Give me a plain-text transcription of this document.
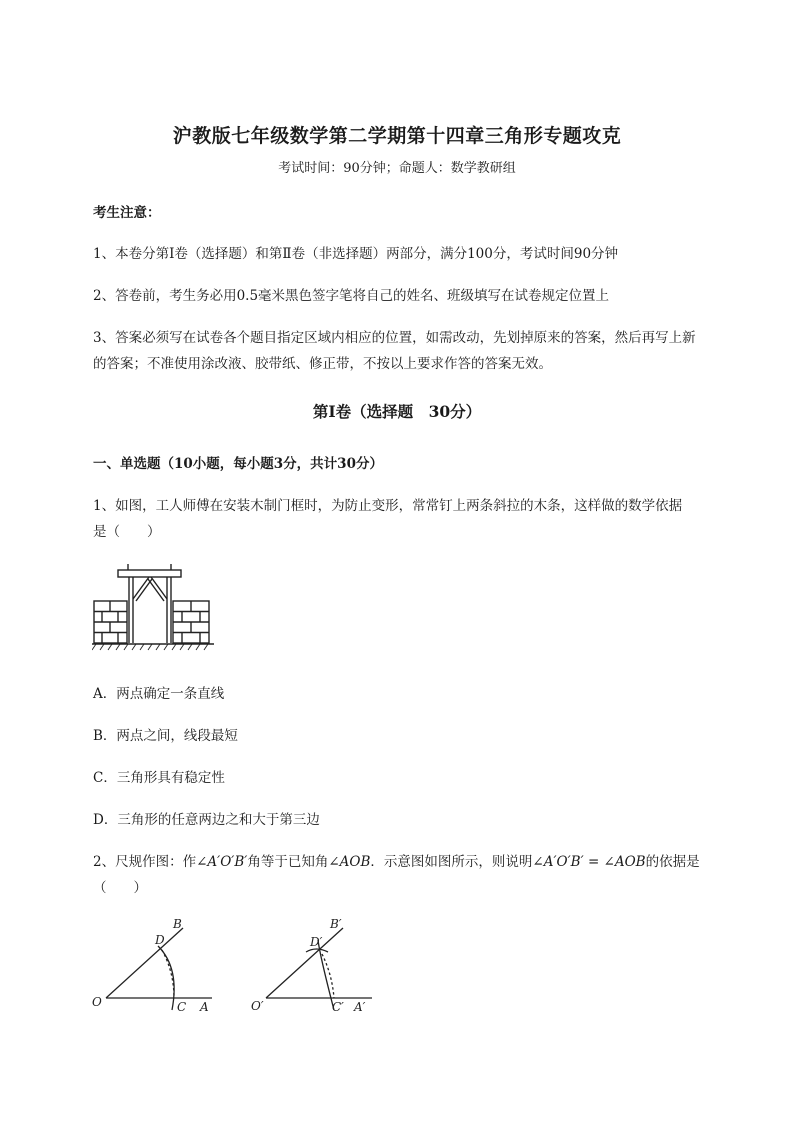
沪教版七年级数学第二学期第十四章三角形专题攻克
考试时间：90分钟；命题人：数学教研组
考生注意：
1、本卷分第Ⅰ卷（选择题）和第Ⅱ卷（非选择题）两部分，满分100分，考试时间90分钟
2、答卷前，考生务必用0.5毫米黑色签字笔将自己的姓名、班级填写在试卷规定位置上
3、答案必须写在试卷各个题目指定区域内相应的位置，如需改动，先划掉原来的答案，然后再写上新
的答案；不准使用涂改液、胶带纸、修正带，不按以上要求作答的答案无效。
第Ⅰ卷（选择题　30分）
一、单选题（10小题，每小题3分，共计30分）
1、如图，工人师傅在安装木制门框时，为防止变形，常常钉上两条斜拉的木条，这样做的数学依据
是（　　）
A．两点确定一条直线
B．两点之间，线段最短
C．三角形具有稳定性
D．三角形的任意两边之和大于第三边
2、尺规作图：作∠A′O′B′角等于已知角∠AOB．示意图如图所示，则说明∠A′O′B′ = ∠AOB的依据是
（　　）
O	C A
B
D
O′	C′ A′
B′
D′
